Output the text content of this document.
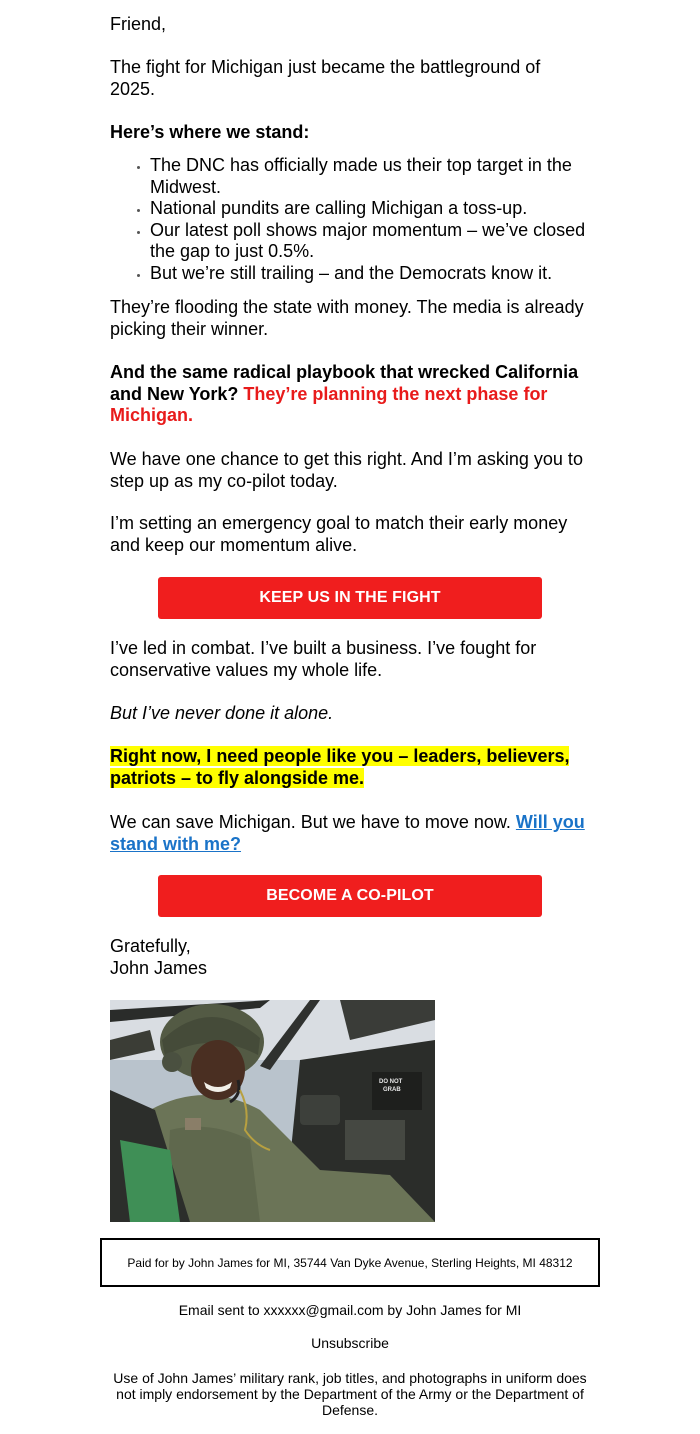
Friend,

The fight for Michigan just became the battleground of 2025.

Here’s where we stand:

• The DNC has officially made us their top target in the Midwest.
• National pundits are calling Michigan a toss-up.
• Our latest poll shows major momentum – we’ve closed the gap to just 0.5%.
• But we’re still trailing – and the Democrats know it.

They’re flooding the state with money. The media is already picking their winner.

And the same radical playbook that wrecked California and New York? They’re planning the next phase for Michigan.

We have one chance to get this right. And I’m asking you to step up as my co-pilot today.

I’m setting an emergency goal to match their early money and keep our momentum alive.

KEEP US IN THE FIGHT

I’ve led in combat. I’ve built a business. I’ve fought for conservative values my whole life.

But I’ve never done it alone.

Right now, I need people like you – leaders, believers, patriots – to fly alongside me.

We can save Michigan. But we have to move now. Will you stand with me?

BECOME A CO-PILOT

Gratefully,
John James

DO NOT
GRAB
Paid for by John James for MI, 35744 Van Dyke Avenue, Sterling Heights, MI 48312
Email sent to xxxxxx@gmail.com by John James for MI
Unsubscribe
Use of John James’ military rank, job titles, and photographs in uniform does not imply endorsement by the Department of the Army or the Department of Defense.
